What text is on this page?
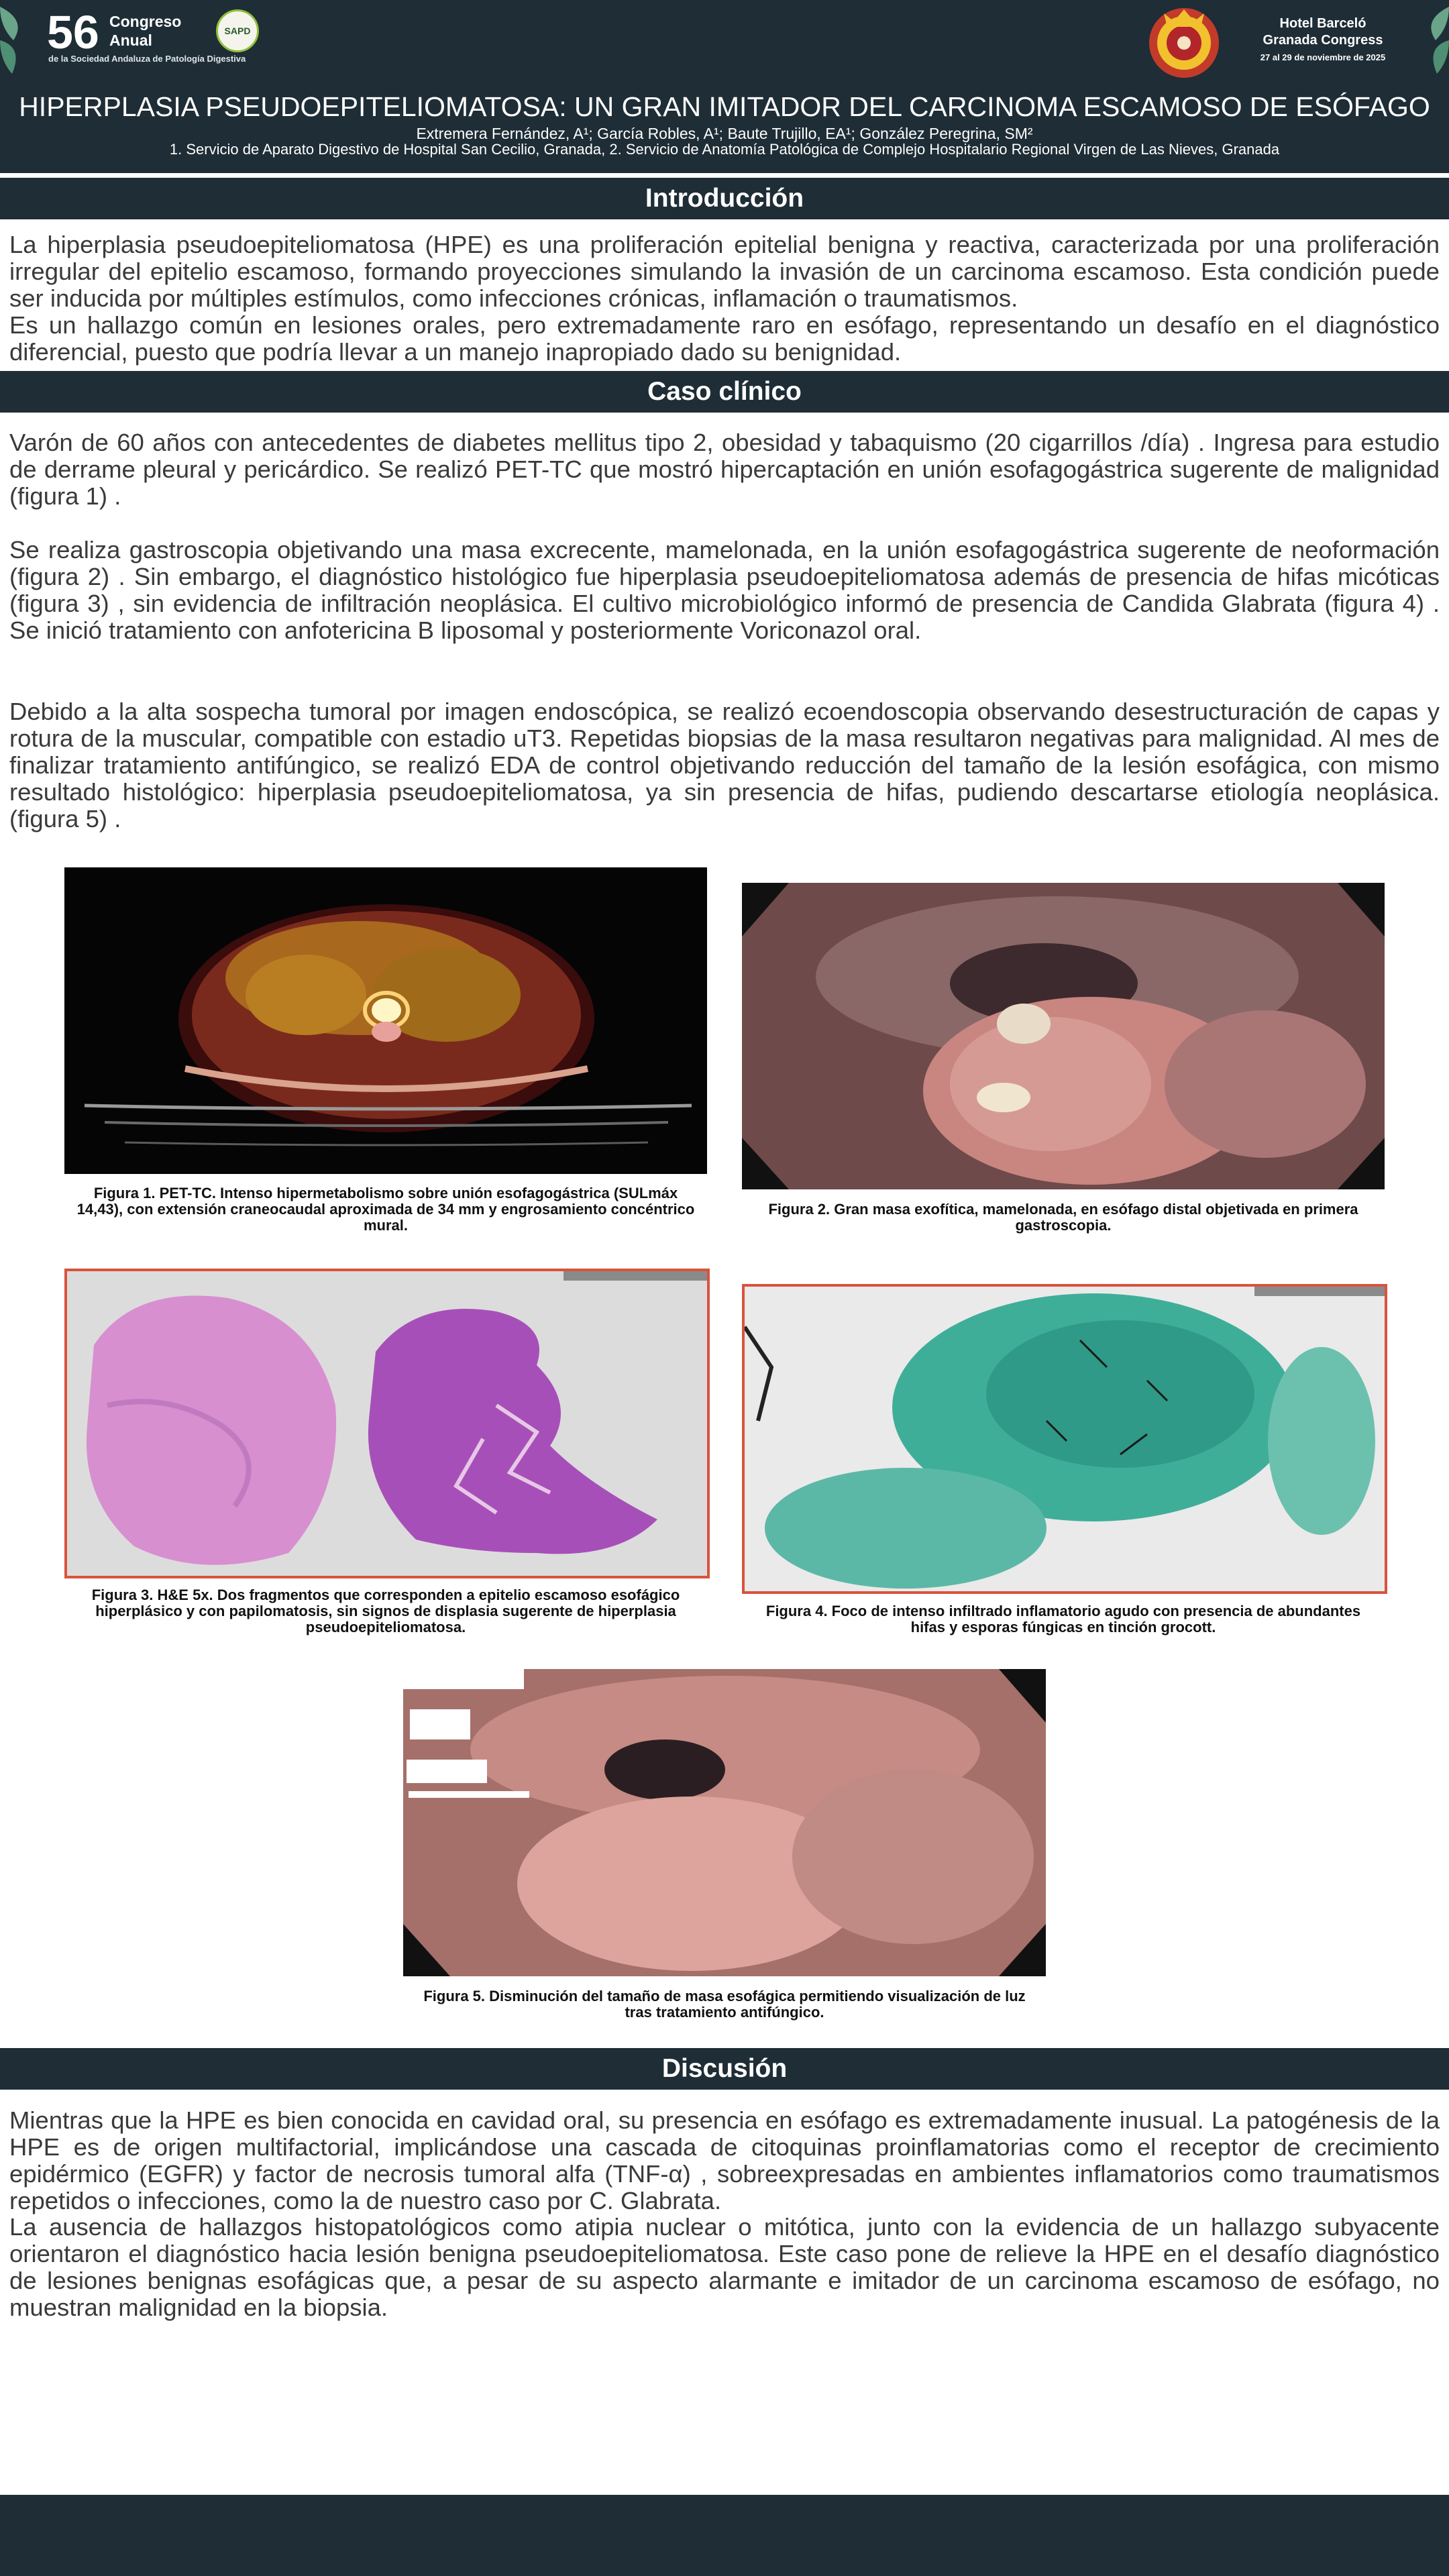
56 Congreso
Anual
de la Sociedad Andaluza de Patología Digestiva
SAPD	Hotel Barceló
Granada Congress
27 al 29 de noviembre de 2025
HIPERPLASIA PSEUDOEPITELIOMATOSA: UN GRAN IMITADOR DEL CARCINOMA ESCAMOSO DE ESÓFAGO
Extremera Fernández, A¹; García Robles, A¹; Baute Trujillo, EA¹; González Peregrina, SM²
1. Servicio de Aparato Digestivo de Hospital San Cecilio, Granada, 2. Servicio de Anatomía Patológica de Complejo Hospitalario Regional Virgen de Las Nieves, Granada
Introducción
La hiperplasia pseudoepiteliomatosa (HPE) es una proliferación epitelial benigna y reactiva, caracterizada por una proliferación irregular del epitelio escamoso, formando proyecciones simulando la invasión de un carcinoma escamoso. Esta condición puede ser inducida por múltiples estímulos, como infecciones crónicas, inflamación o traumatismos.
Es un hallazgo común en lesiones orales, pero extremadamente raro en esófago, representando un desafío en el diagnóstico diferencial, puesto que podría llevar a un manejo inapropiado dado su benignidad.
Caso clínico
Varón de 60 años con antecedentes de diabetes mellitus tipo 2, obesidad y tabaquismo (20 cigarrillos /día) . Ingresa para estudio de derrame pleural y pericárdico. Se realizó PET-TC que mostró hipercaptación en unión esofagogástrica sugerente de malignidad (figura 1) .
Se realiza gastroscopia objetivando una masa excrecente, mamelonada, en la unión esofagogástrica sugerente de neoformación (figura 2) . Sin embargo, el diagnóstico histológico fue hiperplasia pseudoepiteliomatosa además de presencia de hifas micóticas (figura 3) , sin evidencia de infiltración neoplásica. El cultivo microbiológico informó de presencia de Candida Glabrata (figura 4) . Se inició tratamiento con anfotericina B liposomal y posteriormente Voriconazol oral.
Debido a la alta sospecha tumoral por imagen endoscópica, se realizó ecoendoscopia observando desestructuración de capas y rotura de la muscular, compatible con estadio uT3. Repetidas biopsias de la masa resultaron negativas para malignidad. Al mes de finalizar tratamiento antifúngico, se realizó EDA de control objetivando reducción del tamaño de la lesión esofágica, con mismo resultado histológico: hiperplasia pseudoepiteliomatosa, ya sin presencia de hifas, pudiendo descartarse etiología neoplásica. (figura 5) .
Figura 1. PET-TC. Intenso hipermetabolismo sobre unión esofagogástrica (SULmáx 14,43), con extensión craneocaudal aproximada de 34 mm y engrosamiento concéntrico mural.
Figura 2. Gran masa exofítica, mamelonada, en esófago distal objetivada en primera gastroscopia.
Figura 3. H&E 5x. Dos fragmentos que corresponden a epitelio escamoso esofágico hiperplásico y con papilomatosis, sin signos de displasia sugerente de hiperplasia pseudoepiteliomatosa.
Figura 4. Foco de intenso infiltrado inflamatorio agudo con presencia de abundantes hifas y esporas fúngicas en tinción grocott.
Figura 5. Disminución del tamaño de masa esofágica permitiendo visualización de luz tras tratamiento antifúngico.
Discusión
Mientras que la HPE es bien conocida en cavidad oral, su presencia en esófago es extremadamente inusual. La patogénesis de la HPE es de origen multifactorial, implicándose una cascada de citoquinas proinflamatorias como el receptor de crecimiento epidérmico (EGFR) y factor de necrosis tumoral alfa (TNF-α) , sobreexpresadas en ambientes inflamatorios como traumatismos repetidos o infecciones, como la de nuestro caso por C. Glabrata.
La ausencia de hallazgos histopatológicos como atipia nuclear o mitótica, junto con la evidencia de un hallazgo subyacente orientaron el diagnóstico hacia lesión benigna pseudoepiteliomatosa. Este caso pone de relieve la HPE en el desafío diagnóstico de lesiones benignas esofágicas que, a pesar de su aspecto alarmante e imitador de un carcinoma escamoso de esófago, no muestran malignidad en la biopsia.
